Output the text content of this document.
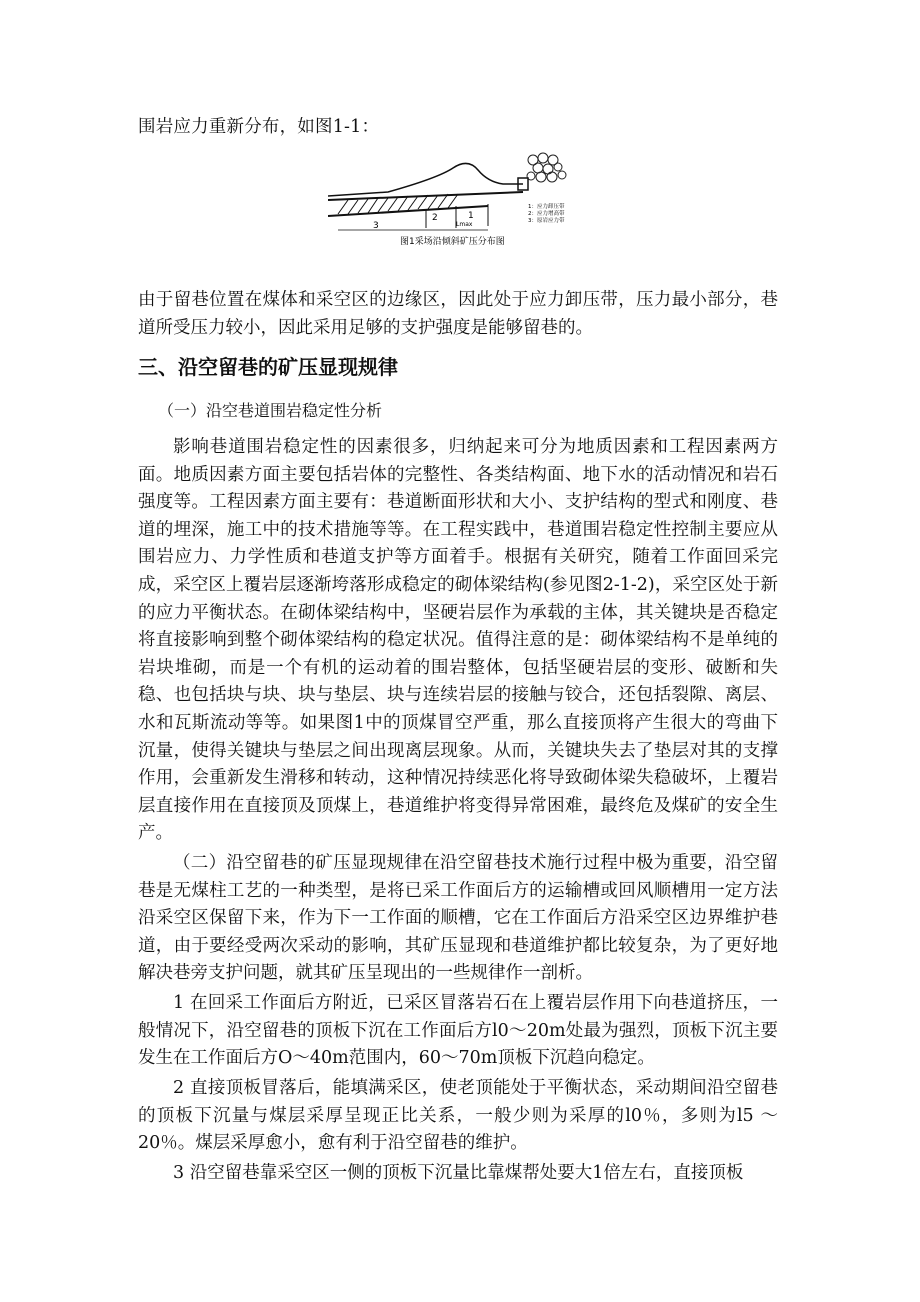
围岩应力重新分布，如图1-1：
3
2	1
Lmax
1：应力卸压带
2：应力增高带
3：原岩应力带
图1采场沿倾斜矿压分布图
由于留巷位置在煤体和采空区的边缘区，因此处于应力卸压带，压力最小部分，巷道所受压力较小，因此采用足够的支护强度是能够留巷的。
三、沿空留巷的矿压显现规律
（一）沿空巷道围岩稳定性分析
影响巷道围岩稳定性的因素很多，归纳起来可分为地质因素和工程因素两方面。地质因素方面主要包括岩体的完整性、各类结构面、地下水的活动情况和岩石强度等。工程因素方面主要有：巷道断面形状和大小、支护结构的型式和刚度、巷道的埋深，施工中的技术措施等等。在工程实践中，巷道围岩稳定性控制主要应从围岩应力、力学性质和巷道支护等方面着手。根据有关研究，随着工作面回采完成，采空区上覆岩层逐渐垮落形成稳定的砌体梁结构(参见图2-1-2)，采空区处于新的应力平衡状态。在砌体梁结构中，坚硬岩层作为承载的主体，其关键块是否稳定将直接影响到整个砌体梁结构的稳定状况。值得注意的是：砌体梁结构不是单纯的岩块堆砌，而是一个有机的运动着的围岩整体，包括坚硬岩层的变形、破断和失稳、也包括块与块、块与垫层、块与连续岩层的接触与铰合，还包括裂隙、离层、水和瓦斯流动等等。如果图1中的顶煤冒空严重，那么直接顶将产生很大的弯曲下沉量，使得关键块与垫层之间出现离层现象。从而，关键块失去了垫层对其的支撑作用，会重新发生滑移和转动，这种情况持续恶化将导致砌体梁失稳破坏，上覆岩层直接作用在直接顶及顶煤上，巷道维护将变得异常困难，最终危及煤矿的安全生产。
（二）沿空留巷的矿压显现规律在沿空留巷技术施行过程中极为重要，沿空留巷是无煤柱工艺的一种类型，是将已采工作面后方的运输槽或回风顺槽用一定方法沿采空区保留下来，作为下一工作面的顺槽，它在工作面后方沿采空区边界维护巷道，由于要经受两次采动的影响，其矿压显现和巷道维护都比较复杂，为了更好地解决巷旁支护问题，就其矿压呈现出的一些规律作一剖析。
1 在回采工作面后方附近，已采区冒落岩石在上覆岩层作用下向巷道挤压，一般情况下，沿空留巷的顶板下沉在工作面后方l0～20m处最为强烈，顶板下沉主要发生在工作面后方O～40m范围内，60～70m顶板下沉趋向稳定。
2 直接顶板冒落后，能填满采区，使老顶能处于平衡状态，采动期间沿空留巷的顶板下沉量与煤层采厚呈现正比关系，一般少则为采厚的l0％，多则为l5 ～20％。煤层采厚愈小，愈有利于沿空留巷的维护。
3 沿空留巷靠采空区一侧的顶板下沉量比靠煤帮处要大1倍左右，直接顶板
